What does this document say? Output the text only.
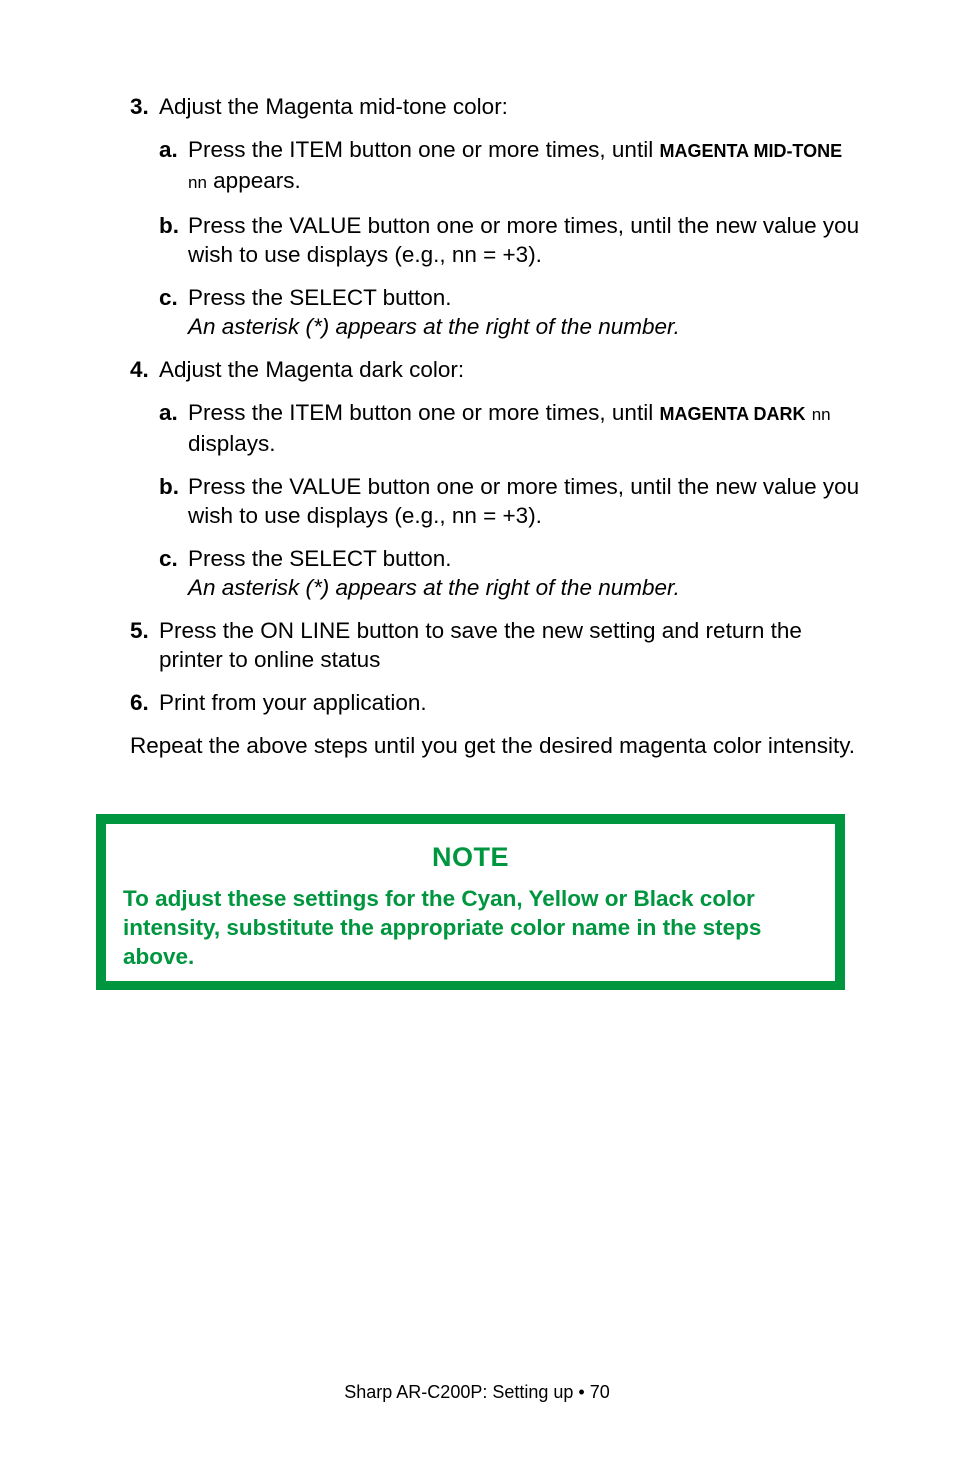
3. Adjust the Magenta mid-tone color:
a. Press the ITEM button one or more times, until MAGENTA MID-TONE nn appears.
b. Press the VALUE button one or more times, until the new value you wish to use displays (e.g., nn = +3).
c. Press the SELECT button.
An asterisk (*) appears at the right of the number.
4. Adjust the Magenta dark color:
a. Press the ITEM button one or more times, until MAGENTA DARK nn displays.
b. Press the VALUE button one or more times, until the new value you wish to use displays (e.g., nn = +3).
c. Press the SELECT button.
An asterisk (*) appears at the right of the number.
5. Press the ON LINE button to save the new setting and return the printer to online status
6. Print from your application.
Repeat the above steps until you get the desired magenta color intensity.
NOTE
To adjust these settings for the Cyan, Yellow or Black color intensity, substitute the appropriate color name in the steps above.
Sharp AR-C200P: Setting up • 70
